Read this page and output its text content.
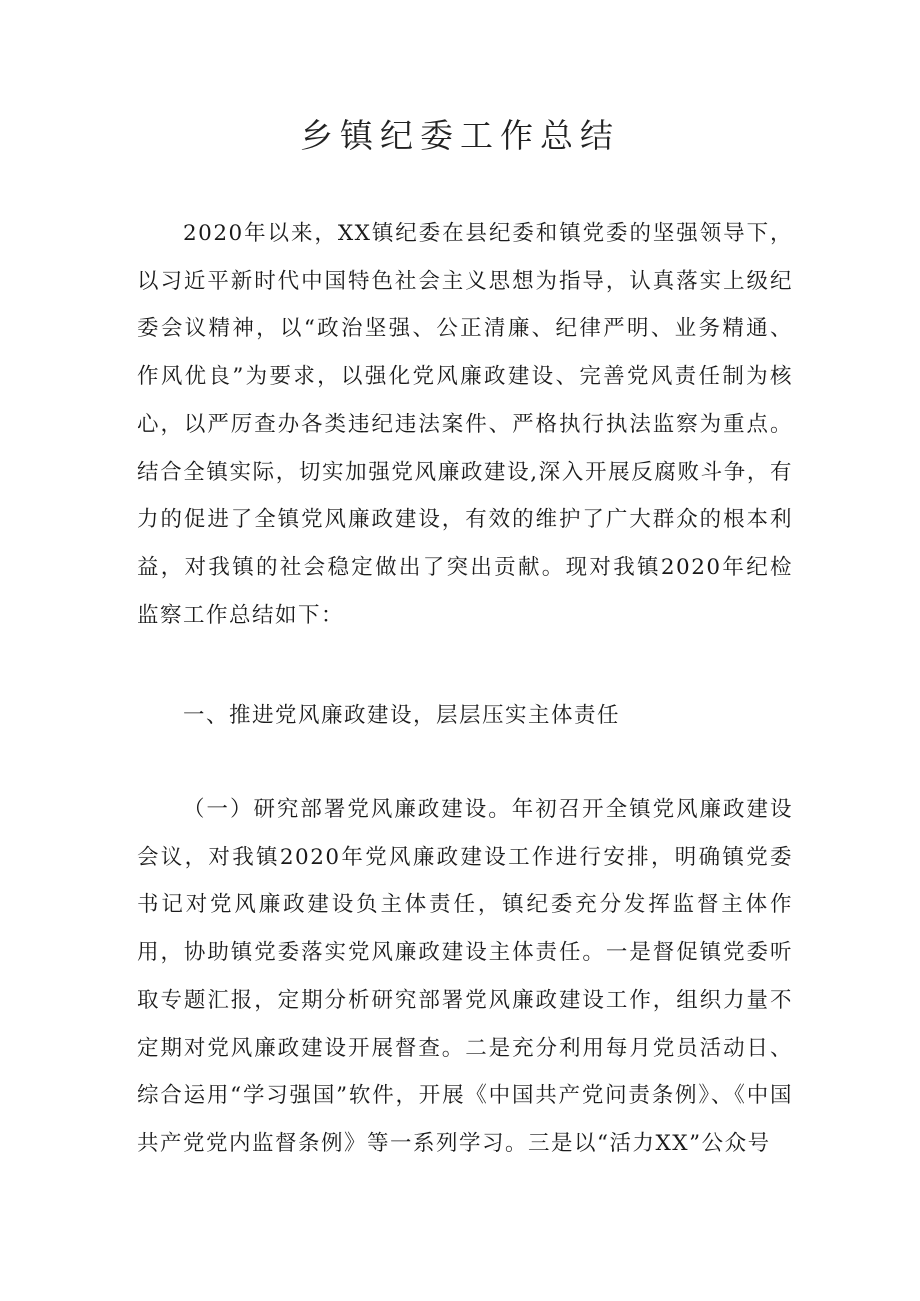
乡镇纪委工作总结

2020年以来，XX镇纪委在县纪委和镇党委的坚强领导下，以习近平新时代中国特色社会主义思想为指导，认真落实上级纪委会议精神，以“政治坚强、公正清廉、纪律严明、业务精通、作风优良”为要求，以强化党风廉政建设、完善党风责任制为核心，以严厉查办各类违纪违法案件、严格执行执法监察为重点。结合全镇实际，切实加强党风廉政建设,深入开展反腐败斗争，有力的促进了全镇党风廉政建设，有效的维护了广大群众的根本利益，对我镇的社会稳定做出了突出贡献。现对我镇2020年纪检监察工作总结如下：

一、推进党风廉政建设，层层压实主体责任

（一）研究部署党风廉政建设。年初召开全镇党风廉政建设会议，对我镇2020年党风廉政建设工作进行安排，明确镇党委书记对党风廉政建设负主体责任，镇纪委充分发挥监督主体作用，协助镇党委落实党风廉政建设主体责任。一是督促镇党委听取专题汇报，定期分析研究部署党风廉政建设工作，组织力量不定期对党风廉政建设开展督查。二是充分利用每月党员活动日、综合运用“学习强国”软件，开展《中国共产党问责条例》、《中国共产党党内监督条例》等一系列学习。三是以“活力XX”公众号
